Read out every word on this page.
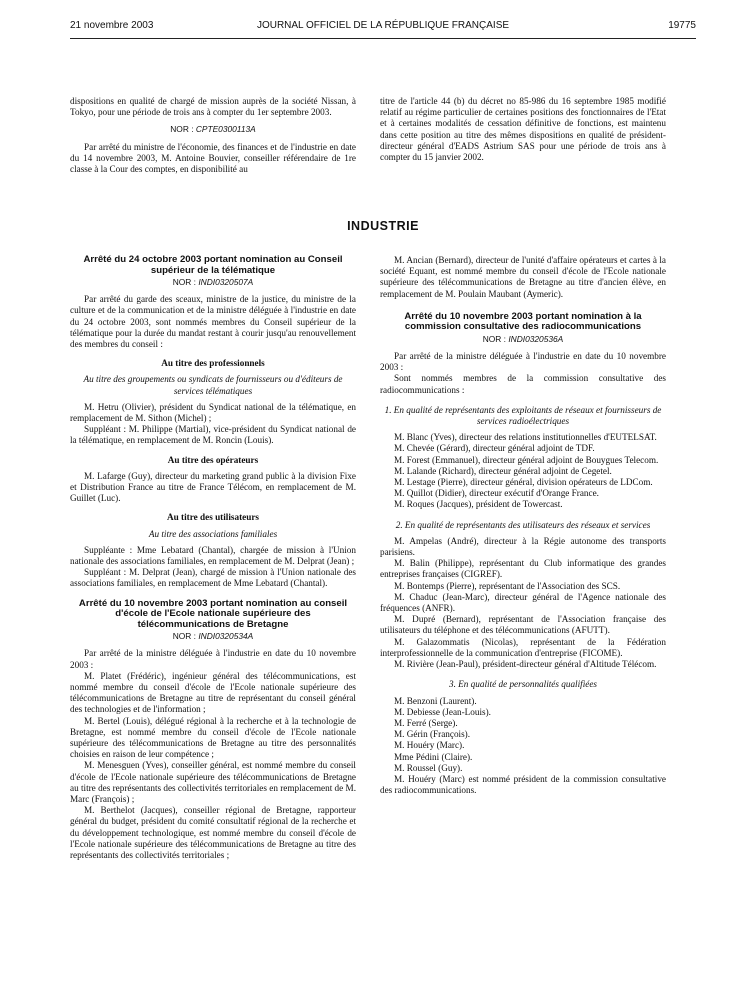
21 novembre 2003	JOURNAL OFFICIEL DE LA RÉPUBLIQUE FRANÇAISE	19775

dispositions en qualité de chargé de mission auprès de la société Nissan, à Tokyo, pour une période de trois ans à compter du 1er septembre 2003.

NOR : CPTE0300113A

Par arrêté du ministre de l'économie, des finances et de l'industrie en date du 14 novembre 2003, M. Antoine Bouvier, conseiller référendaire de 1re classe à la Cour des comptes, en disponibilité au

titre de l'article 44 (b) du décret no 85-986 du 16 septembre 1985 modifié relatif au régime particulier de certaines positions des fonctionnaires de l'Etat et à certaines modalités de cessation définitive de fonctions, est maintenu dans cette position au titre des mêmes dispositions en qualité de président-directeur général d'EADS Astrium SAS pour une période de trois ans à compter du 15 janvier 2002.

INDUSTRIE
Arrêté du 24 octobre 2003 portant nomination au Conseil supérieur de la télématique
NOR : INDI0320507A

Par arrêté du garde des sceaux, ministre de la justice, du ministre de la culture et de la communication et de la ministre déléguée à l'industrie en date du 24 octobre 2003, sont nommés membres du Conseil supérieur de la télématique pour la durée du mandat restant à courir jusqu'au renouvellement des membres du conseil :

Au titre des professionnels
Au titre des groupements ou syndicats de fournisseurs ou d'éditeurs de services télématiques

M. Hetru (Olivier), président du Syndicat national de la télématique, en remplacement de M. Sithon (Michel) ;

Suppléant : M. Philippe (Martial), vice-président du Syndicat national de la télématique, en remplacement de M. Roncin (Louis).

Au titre des opérateurs

M. Lafarge (Guy), directeur du marketing grand public à la division Fixe et Distribution France au titre de France Télécom, en remplacement de M. Guillet (Luc).

Au titre des utilisateurs
Au titre des associations familiales

Suppléante : Mme Lebatard (Chantal), chargée de mission à l'Union nationale des associations familiales, en remplacement de M. Delprat (Jean) ;

Suppléant : M. Delprat (Jean), chargé de mission à l'Union nationale des associations familiales, en remplacement de Mme Lebatard (Chantal).

Arrêté du 10 novembre 2003 portant nomination au conseil d'école de l'Ecole nationale supérieure des télécommunications de Bretagne
NOR : INDI0320534A

Par arrêté de la ministre déléguée à l'industrie en date du 10 novembre 2003 :

M. Platet (Frédéric), ingénieur général des télécommunications, est nommé membre du conseil d'école de l'Ecole nationale supérieure des télécommunications de Bretagne au titre de représentant du conseil général des technologies et de l'information ;

M. Bertel (Louis), délégué régional à la recherche et à la technologie de Bretagne, est nommé membre du conseil d'école de l'Ecole nationale supérieure des télécommunications de Bretagne au titre des personnalités choisies en raison de leur compétence ;

M. Menesguen (Yves), conseiller général, est nommé membre du conseil d'école de l'Ecole nationale supérieure des télécommunications de Bretagne au titre des représentants des collectivités territoriales en remplacement de M. Marc (François) ;

M. Berthelot (Jacques), conseiller régional de Bretagne, rapporteur général du budget, président du comité consultatif régional de la recherche et du développement technologique, est nommé membre du conseil d'école de l'Ecole nationale supérieure des télécommunications de Bretagne au titre des représentants des collectivités territoriales ;

M. Ancian (Bernard), directeur de l'unité d'affaire opérateurs et cartes à la société Equant, est nommé membre du conseil d'école de l'Ecole nationale supérieure des télécommunications de Bretagne au titre d'ancien élève, en remplacement de M. Poulain Maubant (Aymeric).

Arrêté du 10 novembre 2003 portant nomination à la commission consultative des radiocommunications
NOR : INDI0320536A

Par arrêté de la ministre déléguée à l'industrie en date du 10 novembre 2003 :

Sont nommés membres de la commission consultative des radiocommunications :

1. En qualité de représentants des exploitants de réseaux et fournisseurs de services radioélectriques

M. Blanc (Yves), directeur des relations institutionnelles d'EUTELSAT.

M. Chevée (Gérard), directeur général adjoint de TDF.

M. Forest (Emmanuel), directeur général adjoint de Bouygues Telecom.

M. Lalande (Richard), directeur général adjoint de Cegetel.

M. Lestage (Pierre), directeur général, division opérateurs de LDCom.

M. Quillot (Didier), directeur exécutif d'Orange France.

M. Roques (Jacques), président de Towercast.

2. En qualité de représentants des utilisateurs des réseaux et services

M. Ampelas (André), directeur à la Régie autonome des transports parisiens.

M. Balin (Philippe), représentant du Club informatique des grandes entreprises françaises (CIGREF).

M. Bontemps (Pierre), représentant de l'Association des SCS.

M. Chaduc (Jean-Marc), directeur général de l'Agence nationale des fréquences (ANFR).

M. Dupré (Bernard), représentant de l'Association française des utilisateurs du téléphone et des télécommunications (AFUTT).

M. Galazommatis (Nicolas), représentant de la Fédération interprofessionnelle de la communication d'entreprise (FICOME).

M. Rivière (Jean-Paul), président-directeur général d'Altitude Télécom.

3. En qualité de personnalités qualifiées

M. Benzoni (Laurent).

M. Debiesse (Jean-Louis).

M. Ferré (Serge).

M. Gérin (François).

M. Houéry (Marc).

Mme Pédini (Claire).

M. Roussel (Guy).

M. Houéry (Marc) est nommé président de la commission consultative des radiocommunications.
